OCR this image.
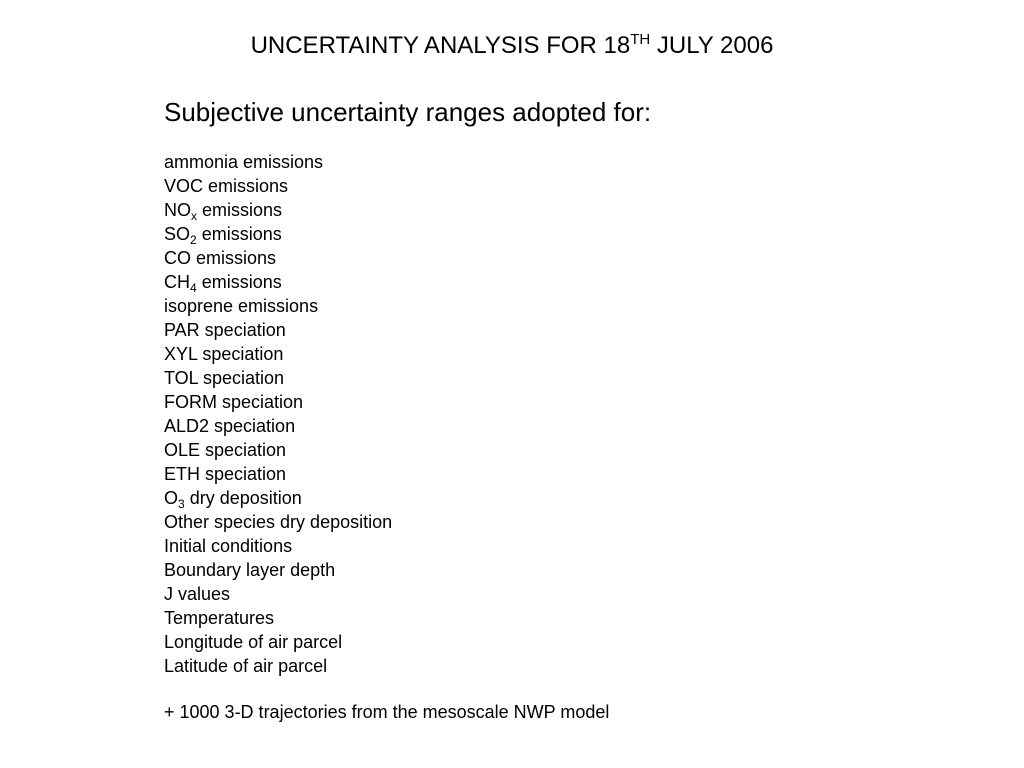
UNCERTAINTY ANALYSIS FOR 18TH JULY 2006
Subjective uncertainty ranges adopted for:
ammonia emissions
VOC emissions
$NO_x$ emissions
$SO_2$ emissions
CO emissions
$CH_4$ emissions
isoprene emissions
PAR speciation
XYL speciation
TOL speciation
FORM speciation
ALD2 speciation
OLE speciation
ETH speciation
$O_3$ dry deposition
Other species dry deposition
Initial conditions
Boundary layer depth
J values
Temperatures
Longitude of air parcel
Latitude of air parcel
+ 1000 3-D trajectories from the mesoscale NWP model
